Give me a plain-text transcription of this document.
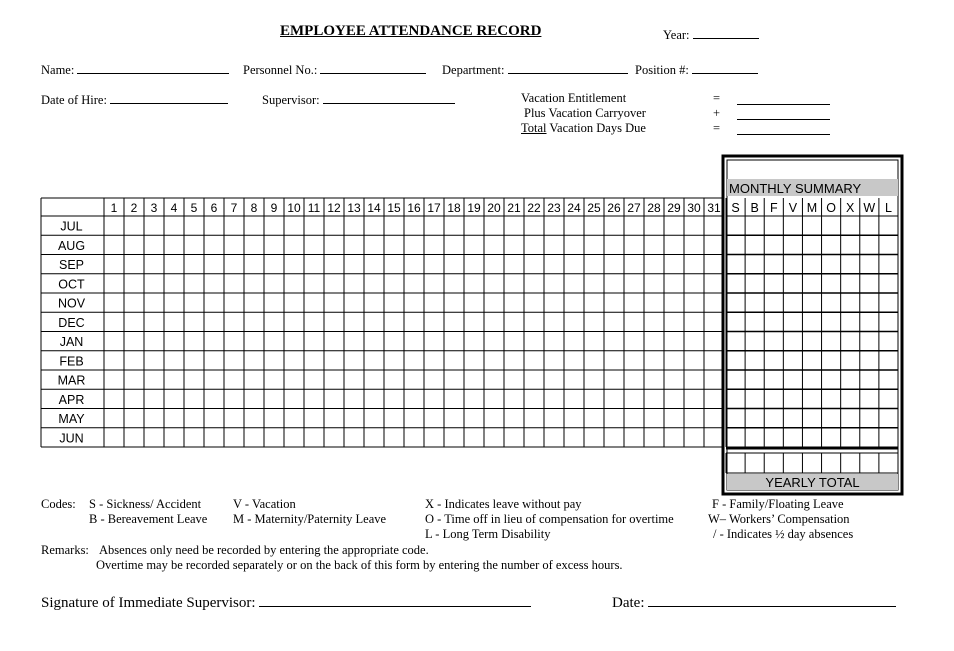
EMPLOYEE ATTENDANCE RECORD	Year:
Name:	Personnel No.:	Department:	Position #:
Date of Hire:	Supervisor:	Vacation Entitlement	=
Plus Vacation Carryover	+
Total Vacation Days Due	=
1 2 3 4 5 6 7 8 9 10 11 12 13 14 15 16 17 18 19 20 21 22 23 24 25 26 27 28 29 30 31
JUL
AUG
SEP
OCT
NOV
DEC
JAN
FEB
MAR
APR
MAY
JUN
MONTHLY SUMMARY
S B F V M O X W L
YEARLY TOTAL
Codes: S - Sickness/ Accident
B - Bereavement Leave
V - Vacation
M - Maternity/Paternity Leave
X - Indicates leave without pay
O - Time off in lieu of compensation for overtime
L - Long Term Disability
F - Family/Floating Leave
W– Workers’ Compensation
/ - Indicates ½ day absences
Remarks: Absences only need be recorded by entering the appropriate code.
Overtime may be recorded separately or on the back of this form by entering the number of excess hours.
Signature of Immediate Supervisor:	Date:
